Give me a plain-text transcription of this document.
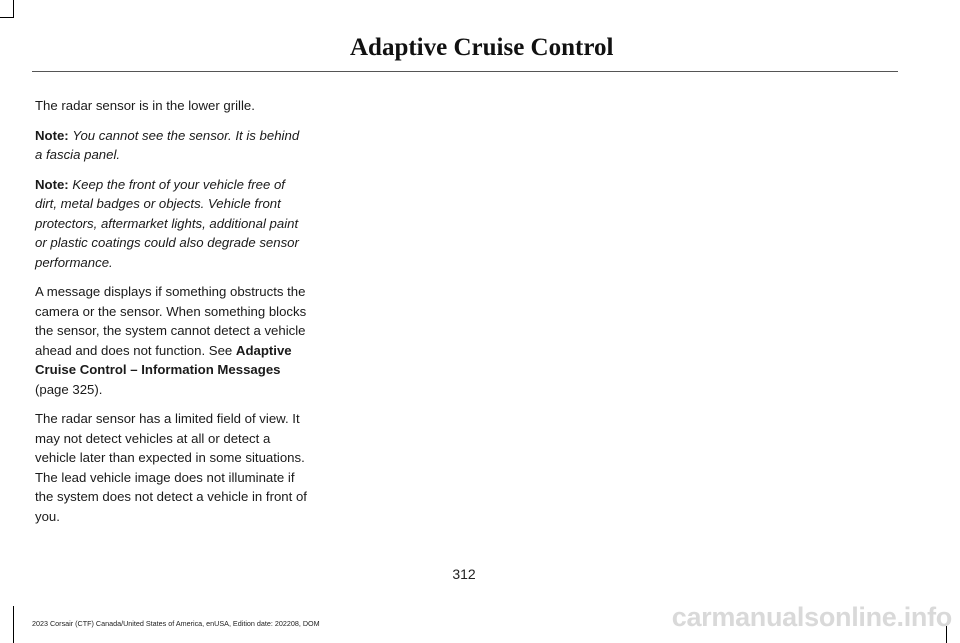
Adaptive Cruise Control

The radar sensor is in the lower grille.

Note: You cannot see the sensor. It is behind a fascia panel.

Note: Keep the front of your vehicle free of dirt, metal badges or objects. Vehicle front protectors, aftermarket lights, additional paint or plastic coatings could also degrade sensor performance.

A message displays if something obstructs the camera or the sensor. When something blocks the sensor, the system cannot detect a vehicle ahead and does not function. See Adaptive Cruise Control – Information Messages (page 325).

The radar sensor has a limited field of view. It may not detect vehicles at all or detect a vehicle later than expected in some situations. The lead vehicle image does not illuminate if the system does not detect a vehicle in front of you.

312
2023 Corsair (CTF) Canada/United States of America, enUSA, Edition date: 202208, DOM	carmanualsonline.info
